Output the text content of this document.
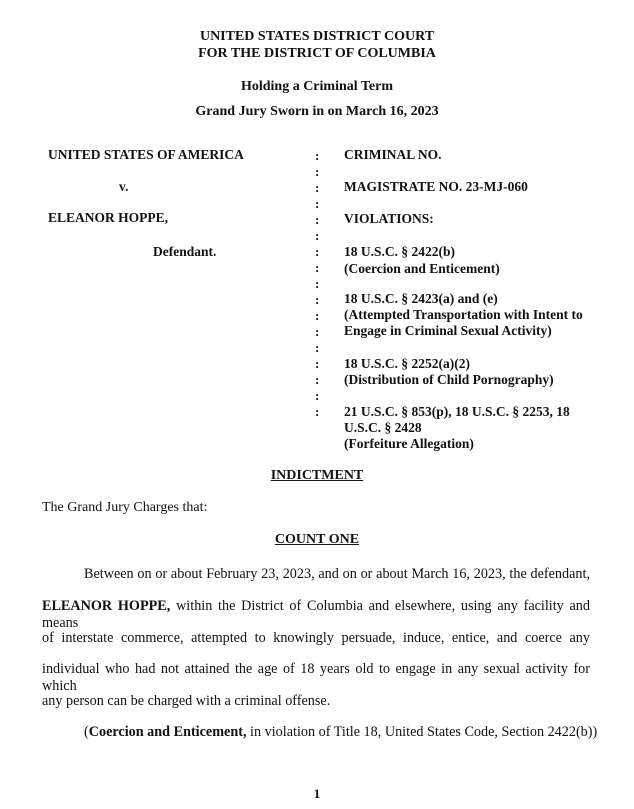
UNITED STATES DISTRICT COURT
FOR THE DISTRICT OF COLUMBIA
Holding a Criminal Term
Grand Jury Sworn in on March 16, 2023
UNITED STATES OF AMERICA
v.
ELEANOR HOPPE,
Defendant.
:
:
:
:
:
:
:
:
:
:
:
:
:
:
:
:
:
CRIMINAL NO.
MAGISTRATE NO. 23-MJ-060
VIOLATIONS:
18 U.S.C. § 2422(b)
(Coercion and Enticement)
18 U.S.C. § 2423(a) and (e)
(Attempted Transportation with Intent to
Engage in Criminal Sexual Activity)
18 U.S.C. § 2252(a)(2)
(Distribution of Child Pornography)
21 U.S.C. § 853(p), 18 U.S.C. § 2253, 18
U.S.C. § 2428
(Forfeiture Allegation)
INDICTMENT
The Grand Jury Charges that:
COUNT ONE
Between on or about February 23, 2023, and on or about March 16, 2023, the defendant,
ELEANOR HOPPE, within the District of Columbia and elsewhere, using any facility and means
of interstate commerce, attempted to knowingly persuade, induce, entice, and coerce any
individual who had not attained the age of 18 years old to engage in any sexual activity for which
any person can be charged with a criminal offense.
(Coercion and Enticement, in violation of Title 18, United States Code, Section 2422(b))
1
